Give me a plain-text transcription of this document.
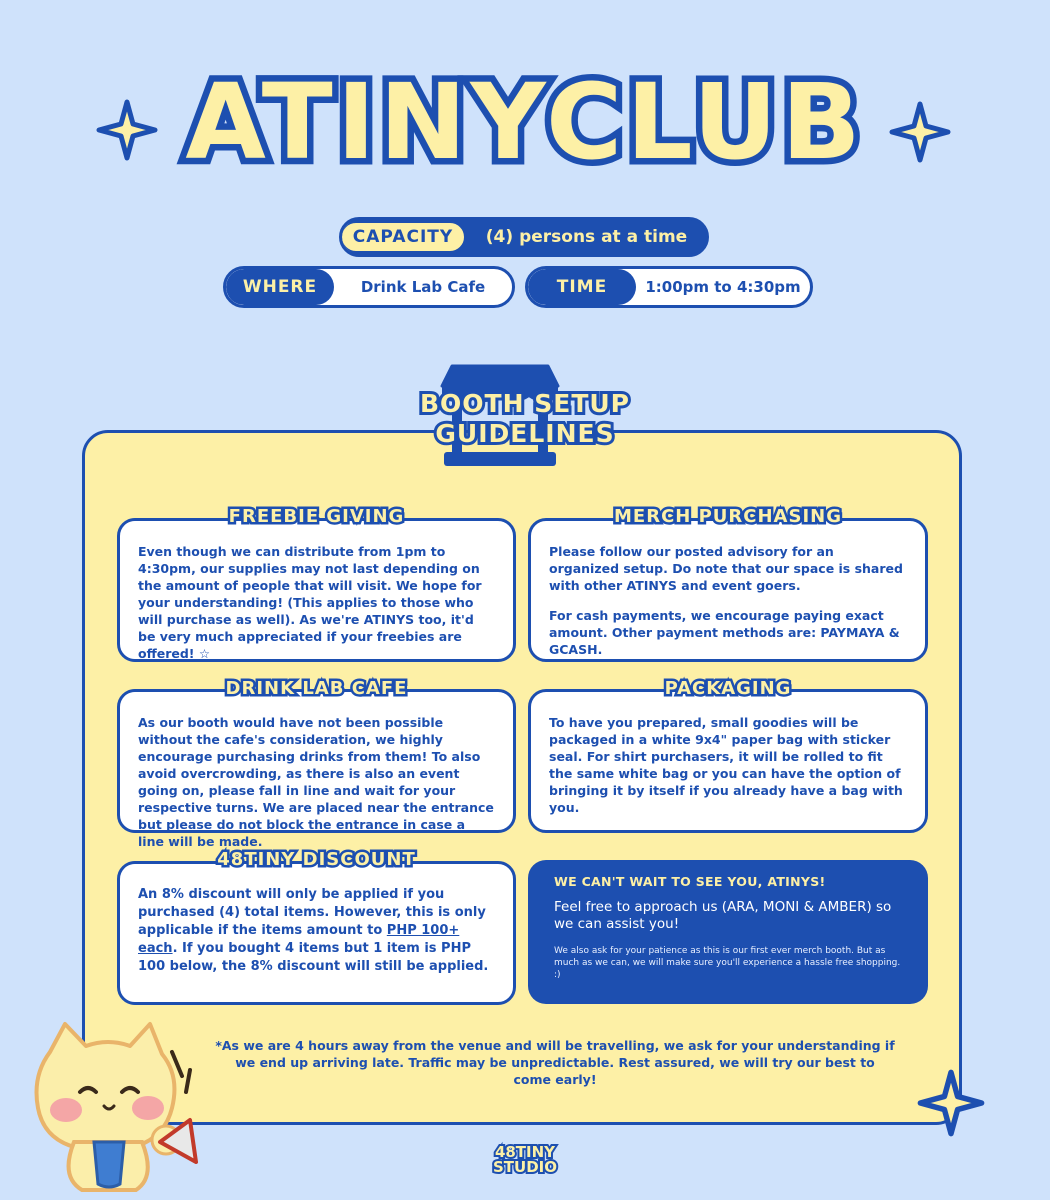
ATINYCLUB
CAPACITY	(4) persons at a time
WHERE	Drink Lab Cafe	TIME	1:00pm to 4:30pm
BOOTH SETUP
GUIDELINES

Even though we can distribute from 1pm to 4:30pm, our supplies may not last depending on the amount of people that will visit. We hope for your understanding! (This applies to those who will purchase as well). As we're ATINYS too, it'd be very much appreciated if your freebies are offered! ☆

FREEBIE GIVING

Please follow our posted advisory for an organized setup. Do note that our space is shared with other ATINYS and event goers.

For cash payments, we encourage paying exact amount. Other payment methods are: PAYMAYA & GCASH.

MERCH PURCHASING

As our booth would have not been possible without the cafe's consideration, we highly encourage purchasing drinks from them! To also avoid overcrowding, as there is also an event going on, please fall in line and wait for your respective turns. We are placed near the entrance but please do not block the entrance in case a line will be made.

DRINK LAB CAFE

To have you prepared, small goodies will be packaged in a white 9x4" paper bag with sticker seal. For shirt purchasers, it will be rolled to fit the same white bag or you can have the option of bringing it by itself if you already have a bag with you.

PACKAGING

An 8% discount will only be applied if you purchased (4) total items. However, this is only applicable if the items amount to PHP 100+ each. If you bought 4 items but 1 item is PHP 100 below, the 8% discount will still be applied.

48TINY DISCOUNT
WE CAN'T WAIT TO SEE YOU, ATINYS!
Feel free to approach us (ARA, MONI & AMBER) so we can assist you!
We also ask for your patience as this is our first ever merch booth. But as much as we can, we will make sure you'll experience a hassle free shopping. :)
*As we are 4 hours away from the venue and will be travelling, we ask for your understanding if we end up arriving late. Traffic may be unpredictable. Rest assured, we will try our best to come early!
48TINY
STUDIO
